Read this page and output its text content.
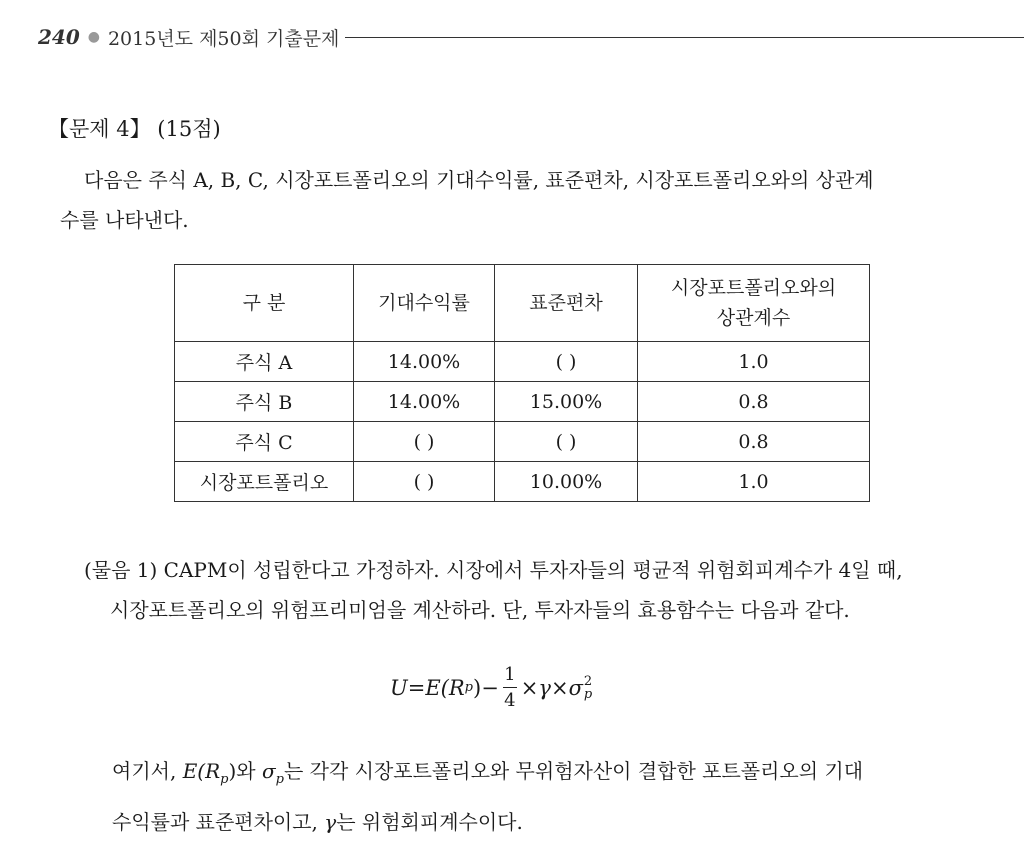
240 ● 2015년도 제50회 기출문제
【문제 4】 (15점)
다음은 주식 A, B, C, 시장포트폴리오의 기대수익률, 표준편차, 시장포트폴리오와의 상관계
수를 나타낸다.
구 분	기대수익률	표준편차	시장포트폴리오와의
상관계수

주식 A	14.00%	( )	1.0
주식 B	14.00%	15.00%	0.8
주식 C	( )	( )	0.8
시장포트폴리오	( )	10.00%	1.0
(물음 1) CAPM이 성립한다고 가정하자. 시장에서 투자자들의 평균적 위험회피계수가 4일 때,
시장포트폴리오의 위험프리미엄을 계산하라. 단, 투자자들의 효용함수는 다음과 같다.
U = E(R p ) − $\frac{1}{4} \times \gamma \times \sigma$ 2
p
여기서, $E(R_p)$와 $\sigma_p$는 각각 시장포트폴리오와 무위험자산이 결합한 포트폴리오의 기대
수익률과 표준편차이고, γ는 위험회피계수이다.
